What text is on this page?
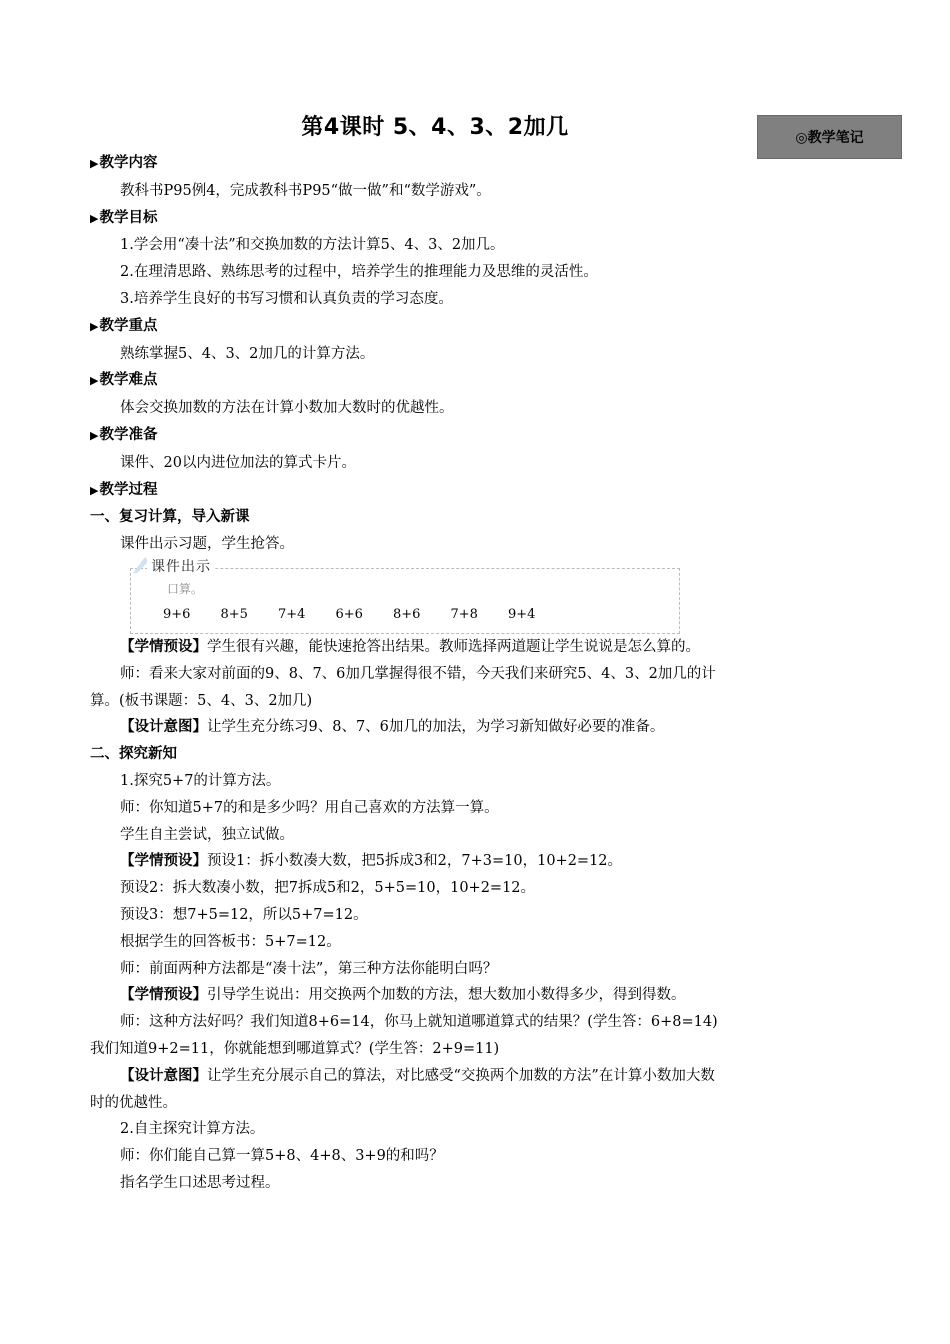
第4课时 5、4、3、2加几	◎教学笔记
▶教学内容
教科书P95例4，完成教科书P95“做一做”和“数学游戏”。
▶教学目标
1.学会用“凑十法”和交换加数的方法计算5、4、3、2加几。
2.在理清思路、熟练思考的过程中，培养学生的推理能力及思维的灵活性。
3.培养学生良好的书写习惯和认真负责的学习态度。
▶教学重点
熟练掌握5、4、3、2加几的计算方法。
▶教学难点
体会交换加数的方法在计算小数加大数时的优越性。
▶教学准备
课件、20以内进位加法的算式卡片。
▶教学过程
一、复习计算，导入新课
课件出示习题，学生抢答。
课件出示
口算。
9+6	8+5	7+4	6+6	8+6	7+8	9+4
【学情预设】学生很有兴趣，能快速抢答出结果。教师选择两道题让学生说说是怎么算的。
师：看来大家对前面的9、8、7、6加几掌握得很不错，今天我们来研究5、4、3、2加几的计算。(板书课题：5、4、3、2加几)
【设计意图】让学生充分练习9、8、7、6加几的加法，为学习新知做好必要的准备。
二、探究新知
1.探究5+7的计算方法。
师：你知道5+7的和是多少吗？用自己喜欢的方法算一算。
学生自主尝试，独立试做。
【学情预设】预设1：拆小数凑大数，把5拆成3和2，7+3=10，10+2=12。
预设2：拆大数凑小数，把7拆成5和2，5+5=10，10+2=12。
预设3：想7+5=12，所以5+7=12。
根据学生的回答板书：5+7=12。
师：前面两种方法都是“凑十法”，第三种方法你能明白吗？
【学情预设】引导学生说出：用交换两个加数的方法，想大数加小数得多少，得到得数。
师：这种方法好吗？我们知道8+6=14，你马上就知道哪道算式的结果？(学生答：6+8=14)我们知道9+2=11，你就能想到哪道算式？(学生答：2+9=11)
【设计意图】让学生充分展示自己的算法，对比感受“交换两个加数的方法”在计算小数加大数时的优越性。
2.自主探究计算方法。
师：你们能自己算一算5+8、4+8、3+9的和吗？
指名学生口述思考过程。
